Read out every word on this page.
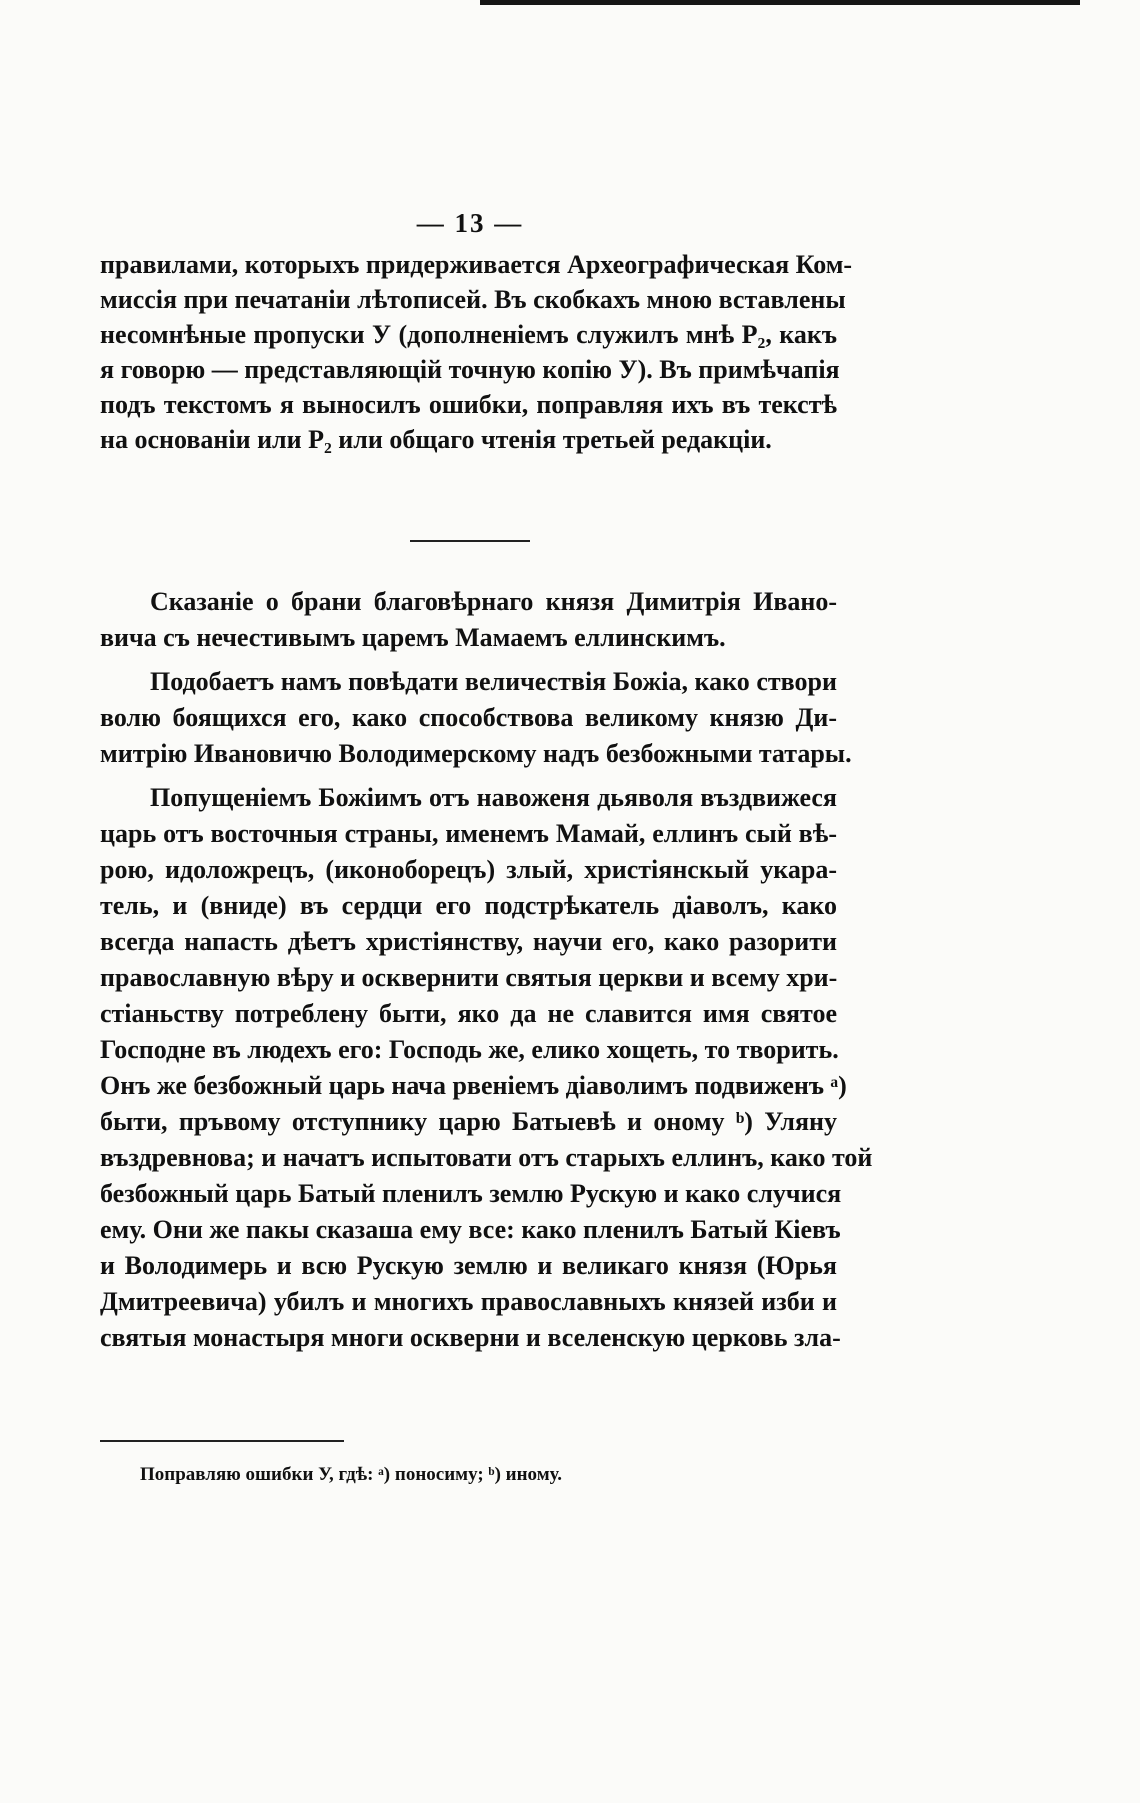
— 13 —
правилами, которыхъ придерживается Археографическая Ком-
миссія при печатаніи лѣтописей. Въ скобкахъ мною вставлены
несомнѣные пропуски У (дополненіемъ служилъ мнѣ Р₂, какъ
я говорю — представляющій точную копію У). Въ примѣчапія
подъ текстомъ я выносилъ ошибки, поправляя ихъ въ текстѣ
на основаніи или Р₂ или общаго чтенія третьей редакціи.
Сказаніе о брани благовѣрнаго князя Димитрія Ивано-
вича съ нечестивымъ царемъ Мамаемъ еллинскимъ.
Подобаетъ намъ повѣдати величествія Божіа, како створи
волю боящихся его, како способствова великому князю Ди-
митрію Ивановичю Володимерскому надъ безбожными татары.
Попущеніемъ Божіимъ отъ навоженя дьяволя въздвижеся
царь отъ восточныя страны, именемъ Мамай, еллинъ сый вѣ-
рою, идоложрецъ, (иконоборецъ) злый, христіянскый укара-
тель, и (вниде) въ сердци его подстрѣкатель діаволъ, како
всегда напасть дѣетъ христіянству, научи его, како разорити
православную вѣру и осквернити святыя церкви и всему хри-
стіаньству потреблену быти, яко да не славится имя святое
Господне въ людехъ его: Господь же, елико хощеть, то творить.
Онъ же безбожный царь нача рвеніемъ діаволимъ подвиженъ ᵃ)
быти, пръвому отступнику царю Батыевѣ и оному ᵇ) Уляну
въздревнова; и начатъ испытовати отъ старыхъ еллинъ, како той
безбожный царь Батый пленилъ землю Рускую и како случися
ему. Они же пакы сказаша ему все: како пленилъ Батый Кіевъ
и Володимерь и всю Рускую землю и великаго князя (Юрья
Дмитреевича) убилъ и многихъ православныхъ князей изби и
святыя монастыря многи оскверни и вселенскую церковь зла-
Поправляю ошибки У, гдѣ: ᵃ) поносиму; ᵇ) иному.
